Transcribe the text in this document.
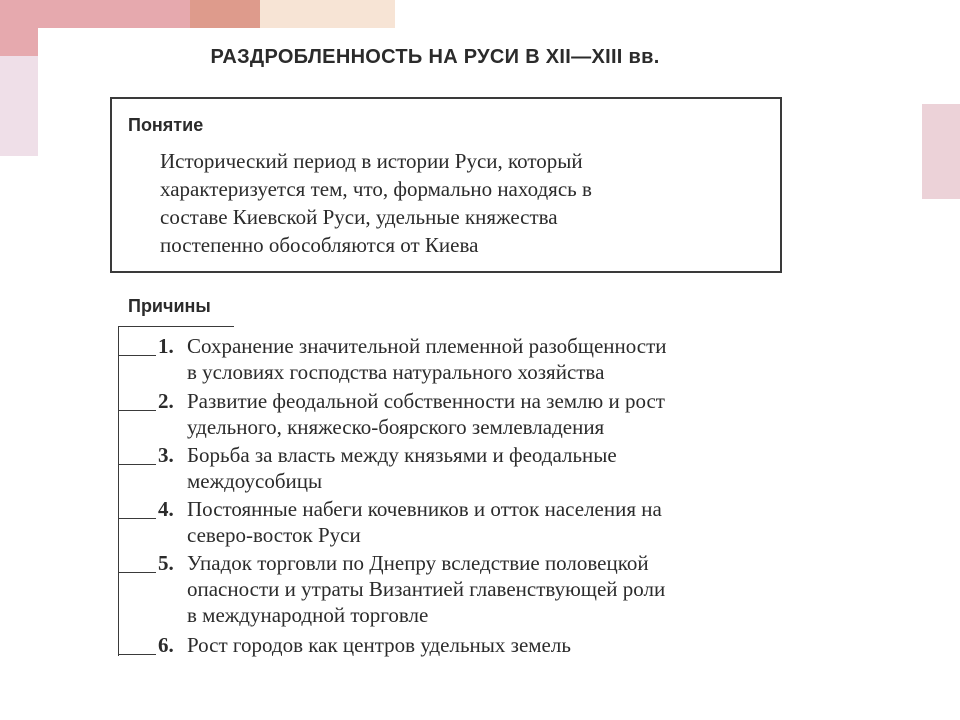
РАЗДРОБЛЕННОСТЬ НА РУСИ В XII—XIII вв.
Понятие
Исторический период в истории Руси, который
характеризуется тем, что, формально находясь в
составе Киевской Руси, удельные княжества
постепенно обособляются от Киева
Причины
1. Сохранение значительной племенной разобщенности
в условиях господства натурального хозяйства
2. Развитие феодальной собственности на землю и рост
удельного, княжеско-боярского землевладения
3. Борьба за власть между князьями и феодальные
междоусобицы
4. Постоянные набеги кочевников и отток населения на
северо-восток Руси
5. Упадок торговли по Днепру вследствие половецкой
опасности и утраты Византией главенствующей роли
в международной торговле
6. Рост городов как центров удельных земель
